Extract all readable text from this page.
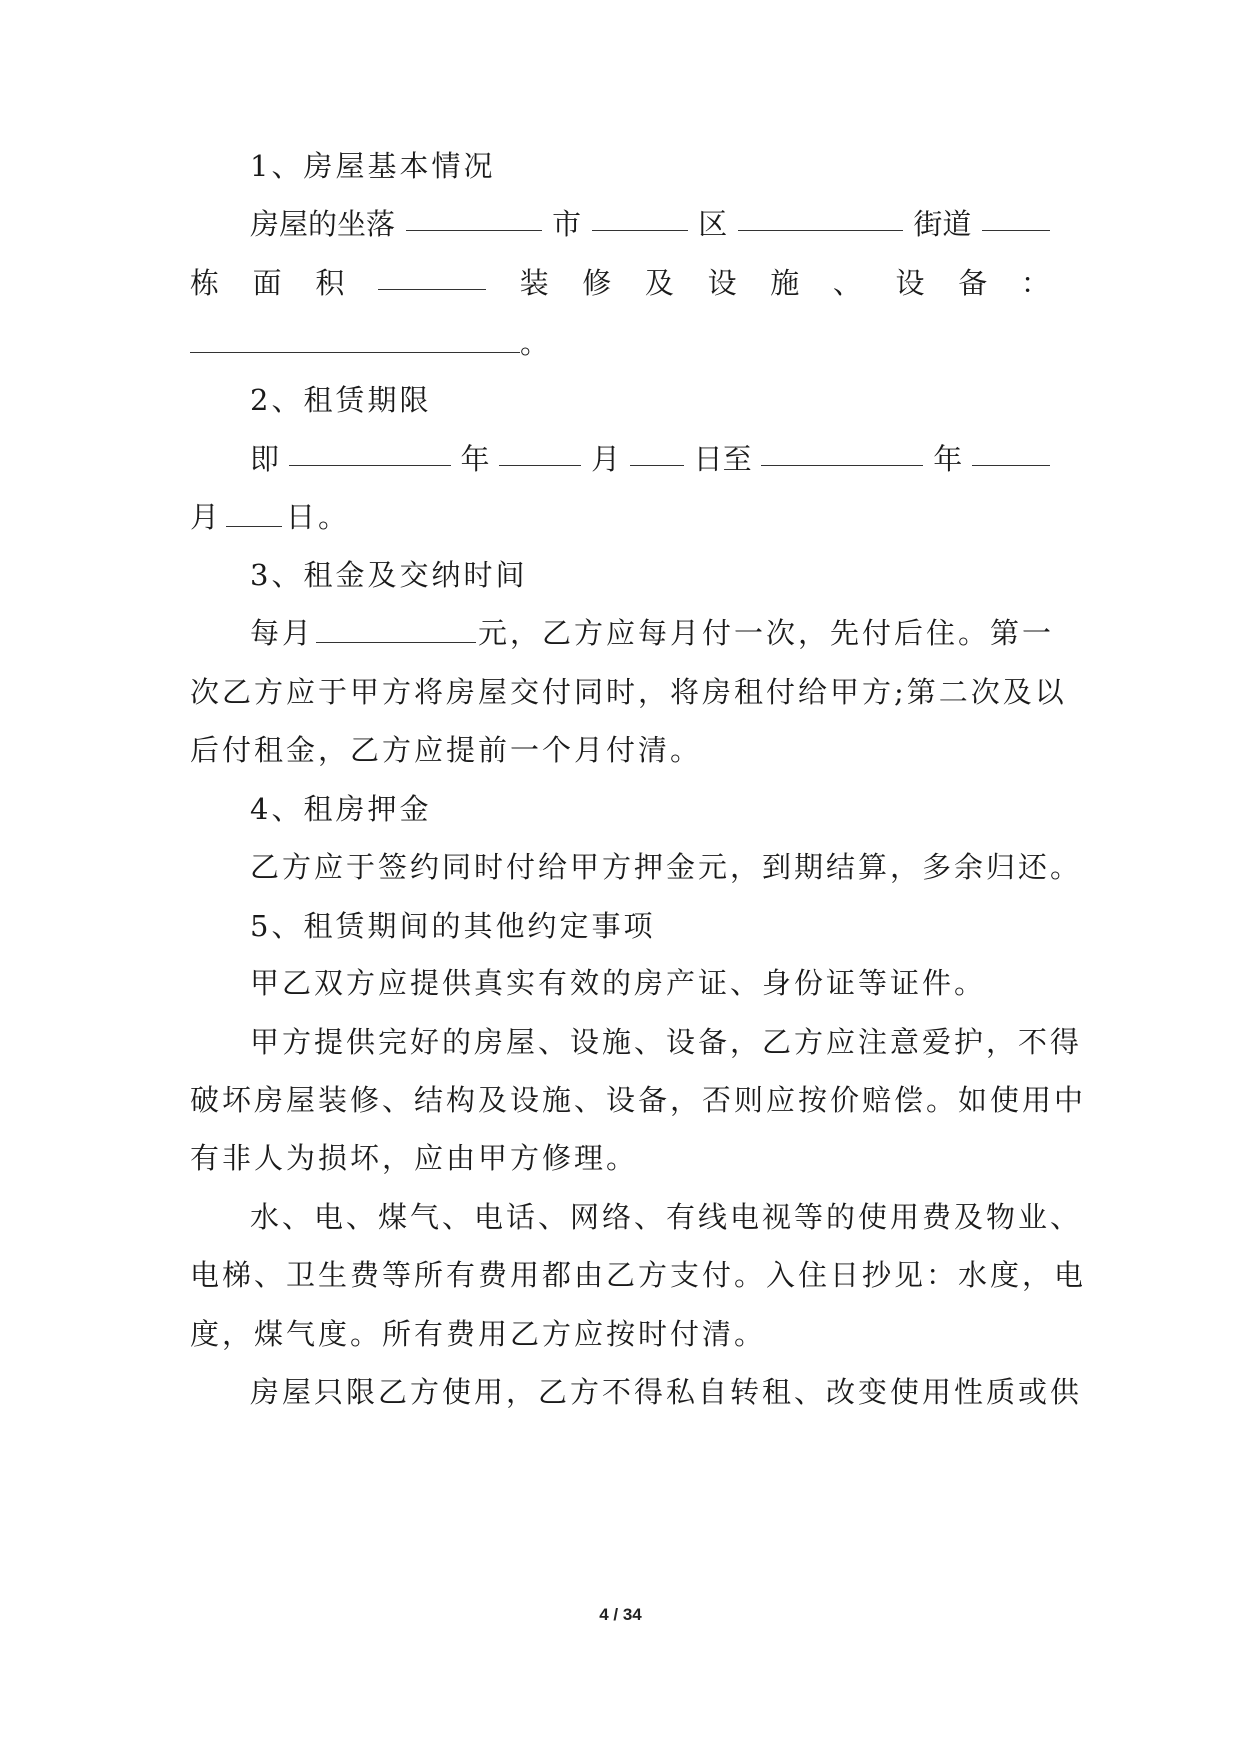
1、房屋基本情况
房屋的坐落	市	区	街道
栋 面 积	装 修 及 设 施 、 设 备 ：
。
2、租赁期限
即	年	月	日至	年
月 日。
3、租金及交纳时间
每月	元，乙方应每月付一次，先付后住。第一
次乙方应于甲方将房屋交付同时，将房租付给甲方;第二次及以
后付租金，乙方应提前一个月付清。
4、租房押金
乙方应于签约同时付给甲方押金元，到期结算，多余归还。
5、租赁期间的其他约定事项
甲乙双方应提供真实有效的房产证、身份证等证件。
甲方提供完好的房屋、设施、设备，乙方应注意爱护，不得
破坏房屋装修、结构及设施、设备，否则应按价赔偿。如使用中
有非人为损坏，应由甲方修理。
水、电、煤气、电话、网络、有线电视等的使用费及物业、
电梯、卫生费等所有费用都由乙方支付。入住日抄见：水度，电
度，煤气度。所有费用乙方应按时付清。
房屋只限乙方使用，乙方不得私自转租、改变使用性质或供
4 / 34
